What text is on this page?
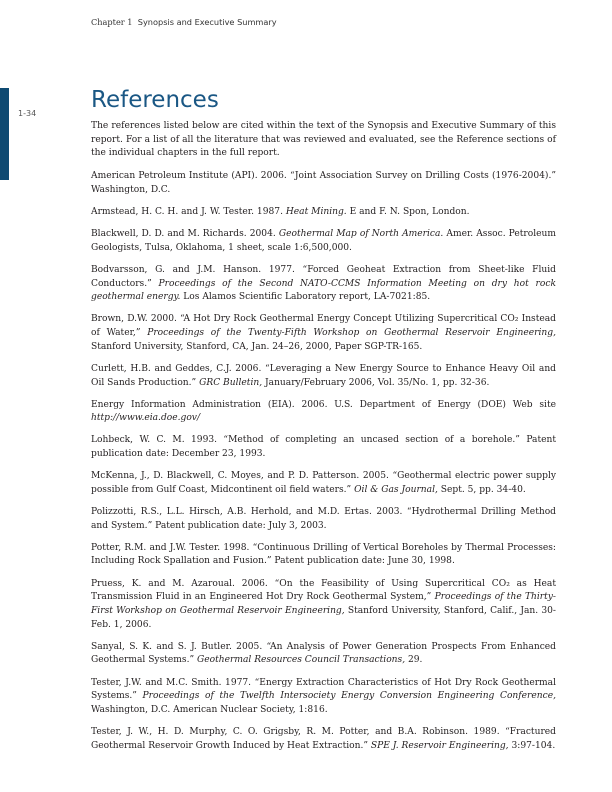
Chapter 1 Synopsis and Executive Summary
1-34
References

The references listed below are cited within the text of the Synopsis and Executive Summary of this report. For a list of all the literature that was reviewed and evaluated, see the Reference sections of the individual chapters in the full report.

American Petroleum Institute (API). 2006. “Joint Association Survey on Drilling Costs (1976-2004).” Washington, D.C.

Armstead, H. C. H. and J. W. Tester. 1987. Heat Mining. E and F. N. Spon, London.

Blackwell, D. D. and M. Richards. 2004. Geothermal Map of North America. Amer. Assoc. Petroleum Geologists, Tulsa, Oklahoma, 1 sheet, scale 1:6,500,000.

Bodvarsson, G. and J.M. Hanson. 1977. “Forced Geoheat Extraction from Sheet-like Fluid Conductors.” Proceedings of the Second NATO-CCMS Information Meeting on dry hot rock geothermal energy. Los Alamos Scientific Laboratory report, LA-7021:85.

Brown, D.W. 2000. “A Hot Dry Rock Geothermal Energy Concept Utilizing Supercritical CO₂ Instead of Water,” Proceedings of the Twenty-Fifth Workshop on Geothermal Reservoir Engineering, Stanford University, Stanford, CA, Jan. 24–26, 2000, Paper SGP-TR-165.

Curlett, H.B. and Geddes, C.J. 2006. “Leveraging a New Energy Source to Enhance Heavy Oil and Oil Sands Production.” GRC Bulletin, January/February 2006, Vol. 35/No. 1, pp. 32-36.

Energy Information Administration (EIA). 2006. U.S. Department of Energy (DOE) Web site http://www.eia.doe.gov/

Lohbeck, W. C. M. 1993. “Method of completing an uncased section of a borehole.” Patent publication date: December 23, 1993.

McKenna, J., D. Blackwell, C. Moyes, and P. D. Patterson. 2005. “Geothermal electric power supply possible from Gulf Coast, Midcontinent oil field waters.” Oil & Gas Journal, Sept. 5, pp. 34-40.

Polizzotti, R.S., L.L. Hirsch, A.B. Herhold, and M.D. Ertas. 2003. “Hydrothermal Drilling Method and System.” Patent publication date: July 3, 2003.

Potter, R.M. and J.W. Tester. 1998. “Continuous Drilling of Vertical Boreholes by Thermal Processes: Including Rock Spallation and Fusion.” Patent publication date: June 30, 1998.

Pruess, K. and M. Azaroual. 2006. “On the Feasibility of Using Supercritical CO₂ as Heat Transmission Fluid in an Engineered Hot Dry Rock Geothermal System,” Proceedings of the Thirty-First Workshop on Geothermal Reservoir Engineering, Stanford University, Stanford, Calif., Jan. 30-Feb. 1, 2006.

Sanyal, S. K. and S. J. Butler. 2005. “An Analysis of Power Generation Prospects From Enhanced Geothermal Systems.” Geothermal Resources Council Transactions, 29.

Tester, J.W. and M.C. Smith. 1977. “Energy Extraction Characteristics of Hot Dry Rock Geothermal Systems.” Proceedings of the Twelfth Intersociety Energy Conversion Engineering Conference, Washington, D.C. American Nuclear Society, 1:816.

Tester, J. W., H. D. Murphy, C. O. Grigsby, R. M. Potter, and B.A. Robinson. 1989. “Fractured Geothermal Reservoir Growth Induced by Heat Extraction.” SPE J. Reservoir Engineering, 3:97-104.
